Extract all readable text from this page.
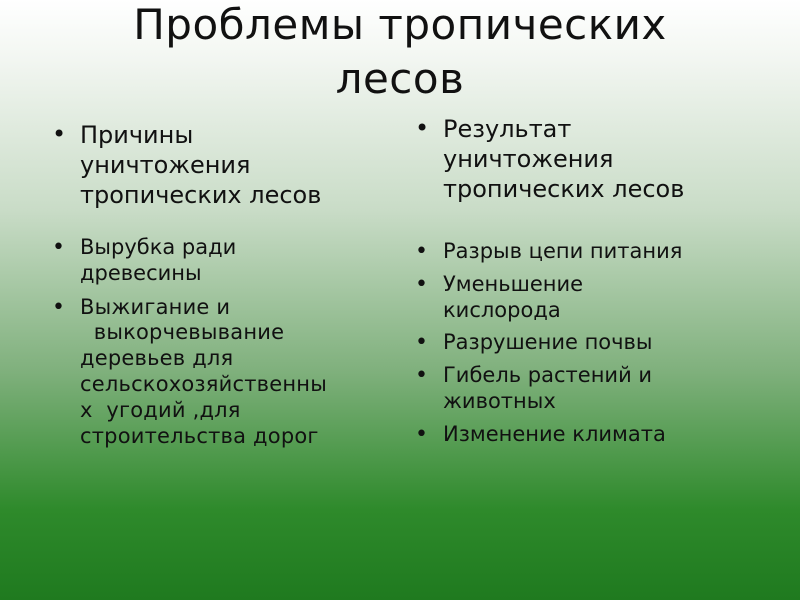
Проблемы тропических
лесов
• Причины
уничтожения
тропических лесов
• Вырубка ради
древесины
• Выжигание и
выкорчевывание
деревьев для
сельскохозяйственны
х  угодий ,для
строительства дорог
• Результат
уничтожения
тропических лесов
• Разрыв цепи питания
• Уменьшение
кислорода
• Разрушение почвы
• Гибель растений и
животных
• Изменение климата
